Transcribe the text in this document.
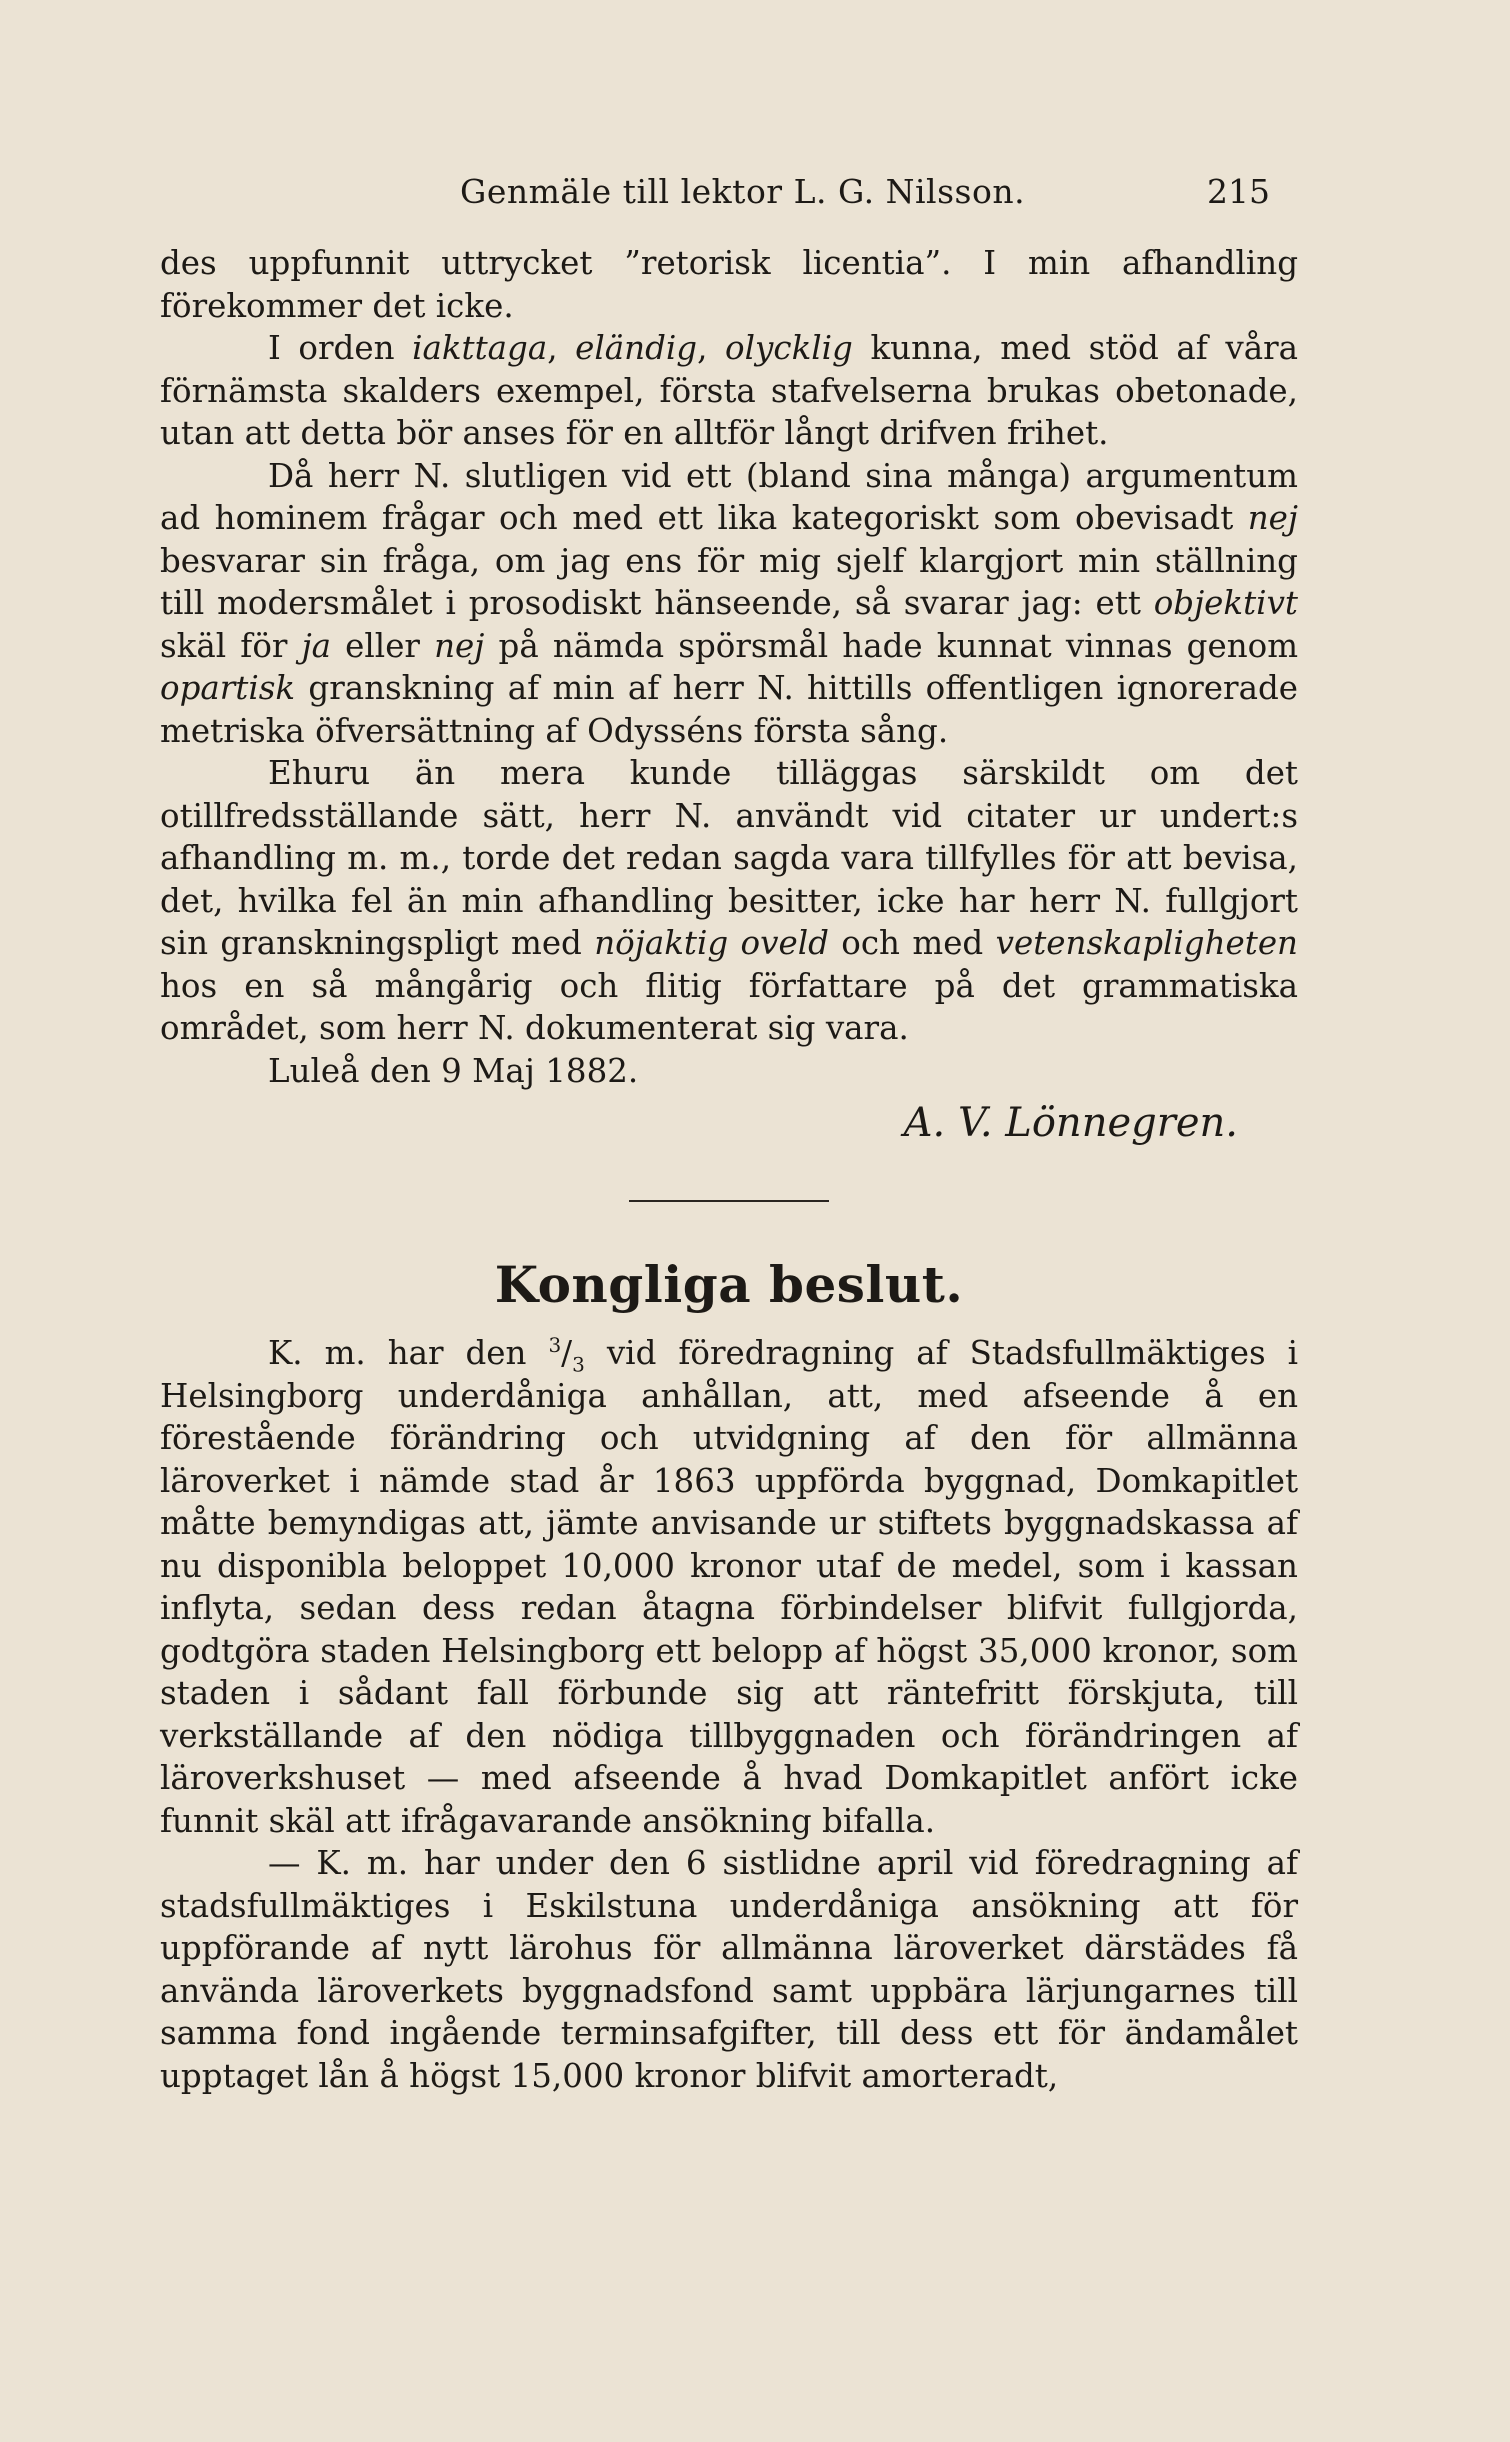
Genmäle till lektor L. G. Nilsson.	215

des uppfunnit uttrycket ”retorisk licentia”. I min afhandling förekommer det icke.

I orden iakttaga, eländig, olycklig kunna, med stöd af våra förnämsta skalders exempel, första stafvelserna brukas obetonade, utan att detta bör anses för en alltför långt drifven frihet.

Då herr N. slutligen vid ett (bland sina många) argumentum ad hominem frågar och med ett lika kategoriskt som obevisadt nej besvarar sin fråga, om jag ens för mig sjelf klargjort min ställning till modersmålet i prosodiskt hänseende, så svarar jag: ett objektivt skäl för ja eller nej på nämda spörsmål hade kunnat vinnas genom opartisk granskning af min af herr N. hittills offentligen ignorerade metriska öfversättning af Odysséns första sång.

Ehuru än mera kunde tilläggas särskildt om det otillfredsställande sätt, herr N. användt vid citater ur undert:s afhandling m. m., torde det redan sagda vara tillfylles för att bevisa, det, hvilka fel än min afhandling besitter, icke har herr N. fullgjort sin granskningspligt med nöjaktig oveld och med vetenskapligheten hos en så mångårig och flitig författare på det grammatiska området, som herr N. dokumenterat sig vara.

Luleå den 9 Maj 1882.

A. V. Lönnegren.
Kongliga beslut.

K. m. har den $^3/_3$ vid föredragning af Stadsfullmäktiges i Helsingborg underdåniga anhållan, att, med afseende å en förestående förändring och utvidgning af den för allmänna läroverket i nämde stad år 1863 uppförda byggnad, Domkapitlet måtte bemyndigas att, jämte anvisande ur stiftets byggnadskassa af nu disponibla beloppet 10,000 kronor utaf de medel, som i kassan inflyta, sedan dess redan åtagna förbindelser blifvit fullgjorda, godtgöra staden Helsingborg ett belopp af högst 35,000 kronor, som staden i sådant fall förbunde sig att räntefritt förskjuta, till verkställande af den nödiga tillbyggnaden och förändringen af läroverkshuset — med afseende å hvad Domkapitlet anfört icke funnit skäl att ifrågavarande ansökning bifalla.

— K. m. har under den 6 sistlidne april vid föredragning af stadsfullmäktiges i Eskilstuna underdåniga ansökning att för uppförande af nytt lärohus för allmänna läroverket därstädes få använda läroverkets byggnadsfond samt uppbära lärjungarnes till samma fond ingående terminsafgifter, till dess ett för ändamålet upptaget lån å högst 15,000 kronor blifvit amorteradt,
